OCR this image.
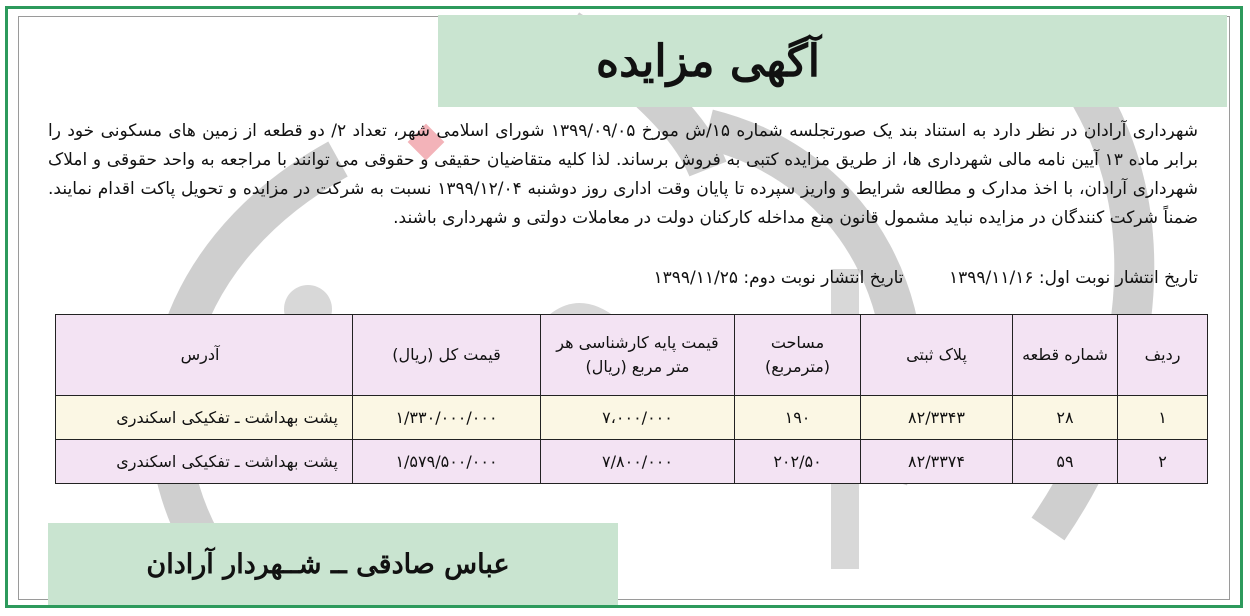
آگهی مزایده

شهرداری آرادان در نظر دارد به استناد بند یک صورتجلسه شماره ۱۵/ش مورخ ۱۳۹۹/۰۹/۰۵ شورای اسلامی شهر، تعداد ۲/ دو قطعه از زمین های مسکونی خود را برابر ماده ۱۳ آیین نامه مالی شهرداری ها، از طریق مزایده کتبی به فروش برساند. لذا کلیه متقاضیان حقیقی و حقوقی می توانند با مراجعه به واحد حقوقی و املاک شهرداری آرادان، با اخذ مدارک و مطالعه شرایط و واریز سپرده تا پایان وقت اداری روز دوشنبه ۱۳۹۹/۱۲/۰۴ نسبت به شرکت در مزایده و تحویل پاکت اقدام نمایند. ضمناً شرکت کنندگان در مزایده نباید مشمول قانون منع مداخله کارکنان دولت در معاملات دولتی و شهرداری باشند.

تاریخ انتشار نوبت اول: ۱۳۹۹/۱۱/۱۶ تاریخ انتشار نوبت دوم: ۱۳۹۹/۱۱/۲۵
ردیف	شماره قطعه	پلاک ثبتی	مساحت (مترمربع)	قیمت پایه کارشناسی هر متر مربع (ریال)	قیمت کل (ریال)	آدرس
۱	۲۸	۸۲/۳۳۴۳	۱۹۰	۷،۰۰۰/۰۰۰	۱/۳۳۰/۰۰۰/۰۰۰	پشت بهداشت ـ تفکیکی اسکندری
۲	۵۹	۸۲/۳۳۷۴	۲۰۲/۵۰	۷/۸۰۰/۰۰۰	۱/۵۷۹/۵۰۰/۰۰۰	پشت بهداشت ـ تفکیکی اسکندری
عباس صادقی ــ شــهردار آرادان
